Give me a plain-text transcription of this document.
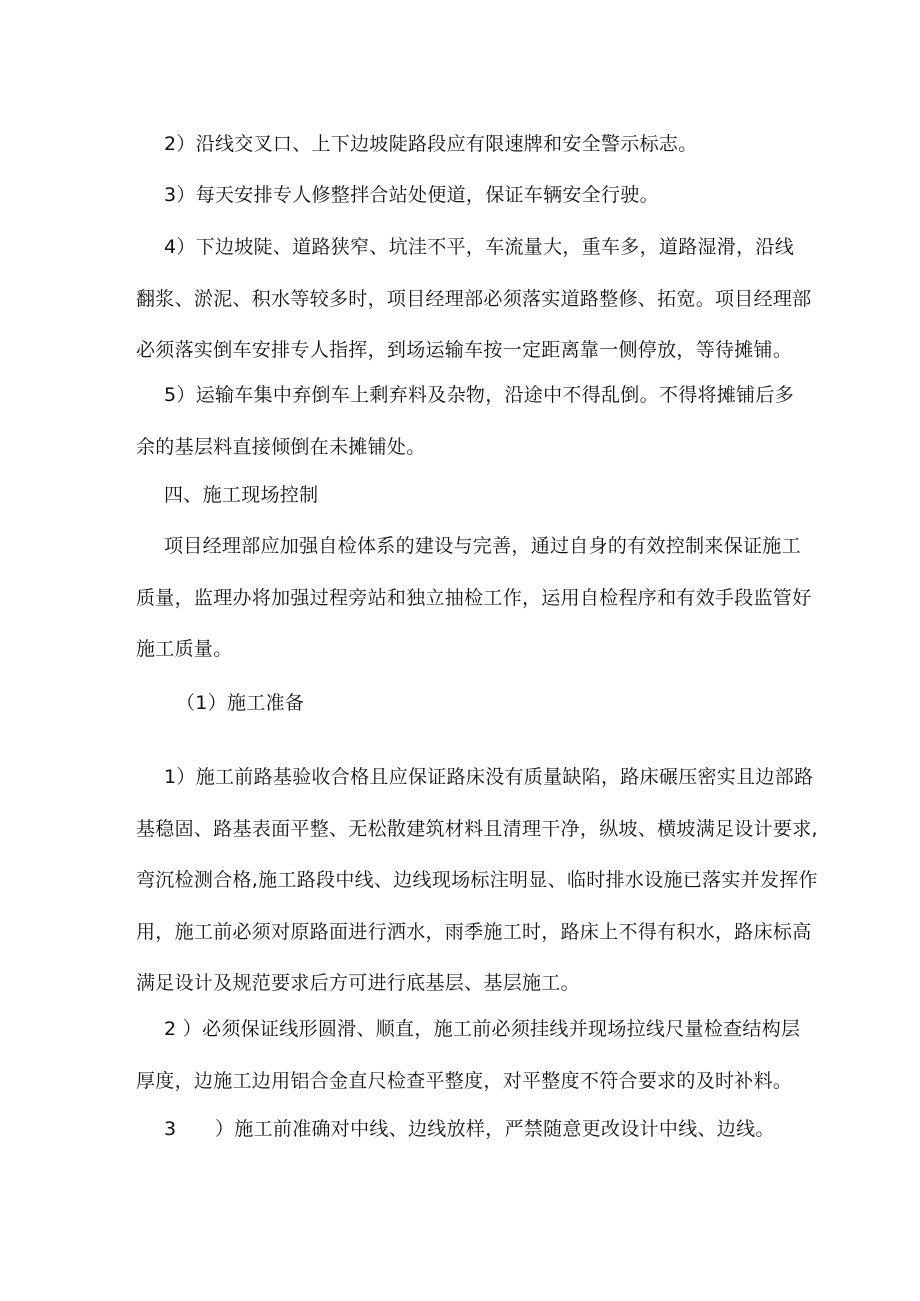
2）沿线交叉口、上下边坡陡路段应有限速牌和安全警示标志。
3）每天安排专人修整拌合站处便道，保证车辆安全行驶。
4）下边坡陡、道路狭窄、坑洼不平，车流量大，重车多，道路湿滑，沿线
翻浆、淤泥、积水等较多时，项目经理部必须落实道路整修、拓宽。项目经理部
必须落实倒车安排专人指挥，到场运输车按一定距离靠一侧停放，等待摊铺。
5）运输车集中弃倒车上剩弃料及杂物，沿途中不得乱倒。不得将摊铺后多
余的基层料直接倾倒在未摊铺处。
四、施工现场控制
项目经理部应加强自检体系的建设与完善，通过自身的有效控制来保证施工
质量，监理办将加强过程旁站和独立抽检工作，运用自检程序和有效手段监管好
施工质量。
（1）施工准备
1）施工前路基验收合格且应保证路床没有质量缺陷，路床碾压密实且边部路
基稳固、路基表面平整、无松散建筑材料且清理干净，纵坡、横坡满足设计要求,
弯沉检测合格,施工路段中线、边线现场标注明显、临时排水设施已落实并发挥作
用，施工前必须对原路面进行洒水，雨季施工时，路床上不得有积水，路床标高
满足设计及规范要求后方可进行底基层、基层施工。
2 ）必须保证线形圆滑、顺直，施工前必须挂线并现场拉线尺量检查结构层
厚度，边施工边用铝合金直尺检查平整度，对平整度不符合要求的及时补料。
3　　）施工前准确对中线、边线放样，严禁随意更改设计中线、边线。
